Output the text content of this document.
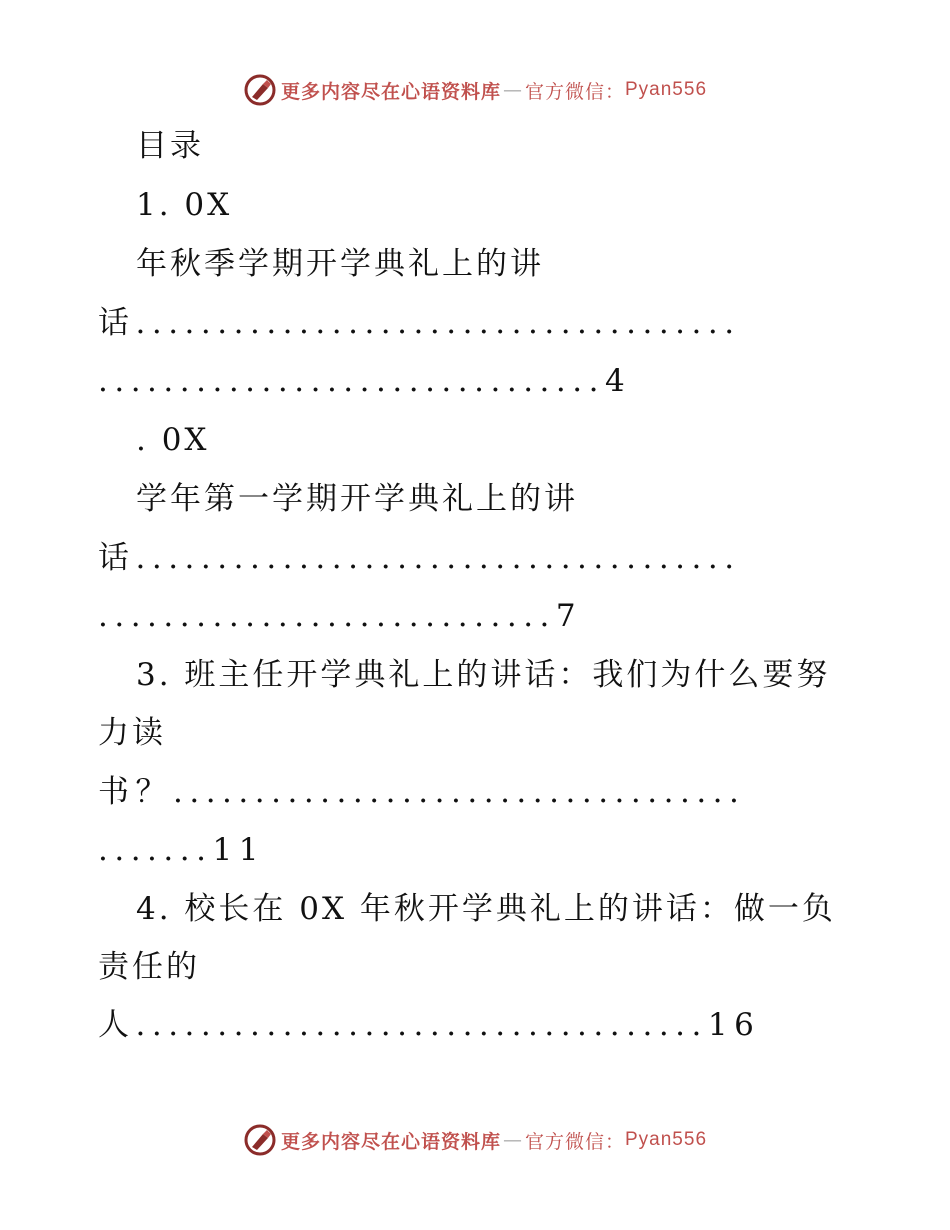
更多内容尽在心语资料库 — 官方微信： Pyan556
目录
1. 0X
年秋季学期开学典礼上的讲
话.....................................
...............................4
. 0X
学年第一学期开学典礼上的讲
话.....................................
............................7
3. 班主任开学典礼上的讲话：我们为什么要努
力读
书？...................................
.......11
4. 校长在 0X 年秋开学典礼上的讲话：做一负
责任的
人...................................16
更多内容尽在心语资料库 — 官方微信： Pyan556
